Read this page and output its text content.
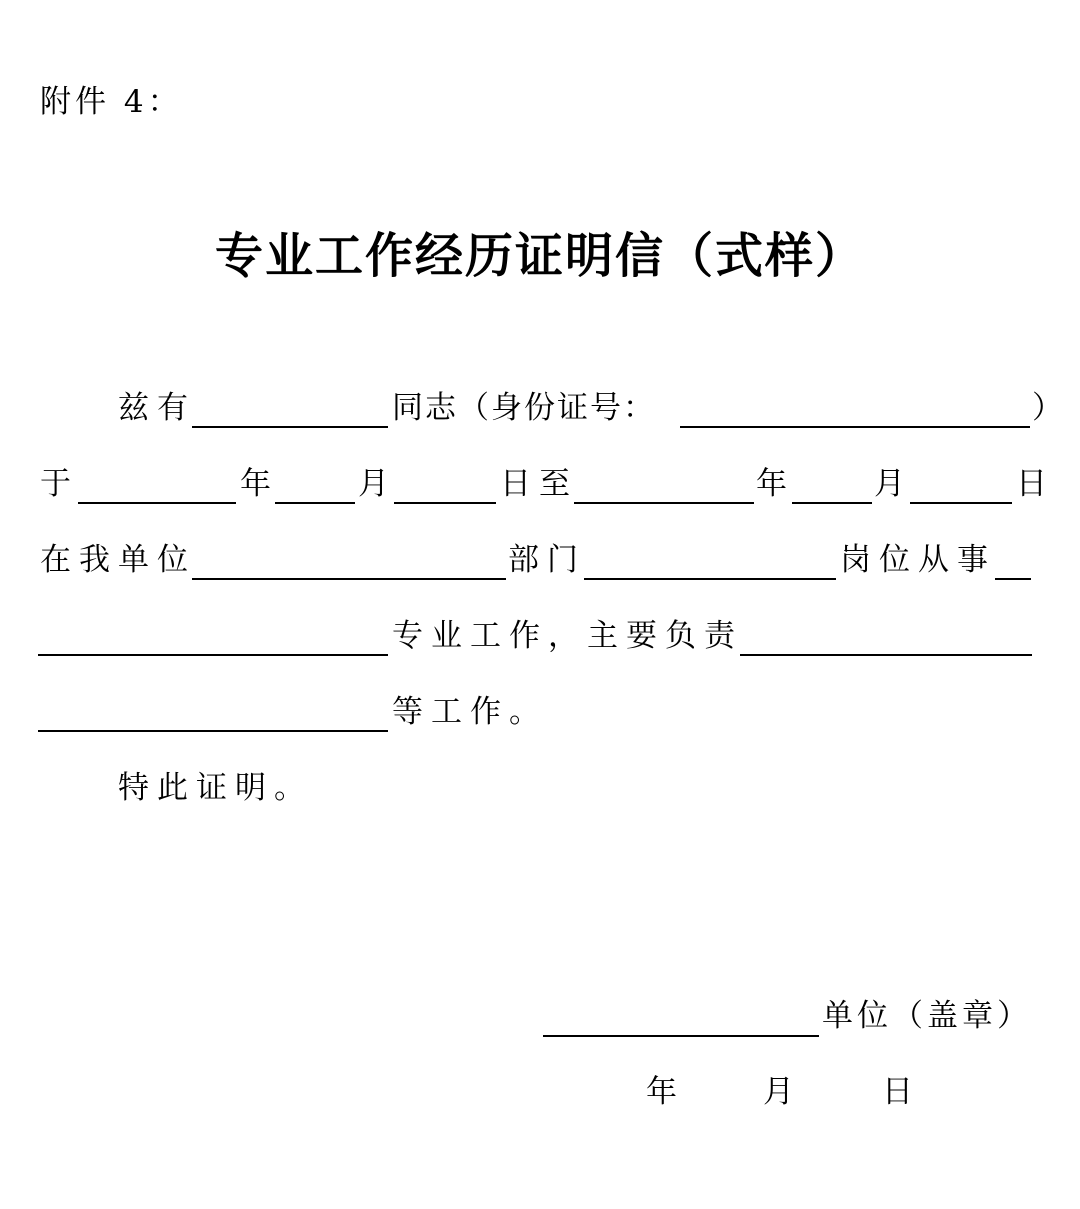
附件 4：
专业工作经历证明信（式样）
兹有	同志（身份证号：	）
于	年	月	日至	年	月	日
在我单位	部门	岗位从事
专业工作，主要负责
等工作。
特此证明。
单位（盖章）
年	月	日
